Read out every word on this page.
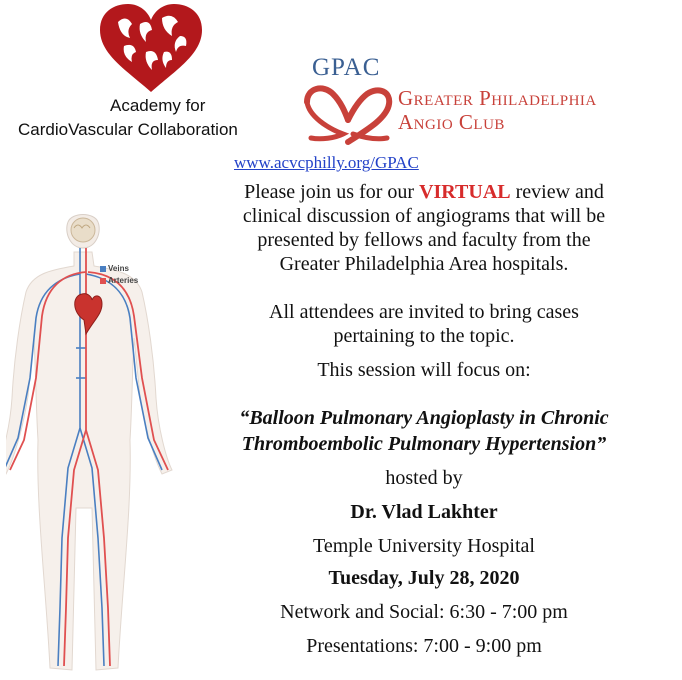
Academy for
CardioVascular Collaboration
GPAC
Greater Philadelphia
Angio Club
www.acvcphilly.org/GPAC
Veins
Arteries
Please join us for our VIRTUAL review and
clinical discussion of angiograms that will be
presented by fellows and faculty from the
Greater Philadelphia Area hospitals.
All attendees are invited to bring cases
pertaining to the topic.
This session will focus on:
“Balloon Pulmonary Angioplasty in Chronic
Thromboembolic Pulmonary Hypertension”
hosted by
Dr. Vlad Lakhter
Temple University Hospital
Tuesday, July 28, 2020
Network and Social: 6:30 - 7:00 pm
Presentations: 7:00 - 9:00 pm
